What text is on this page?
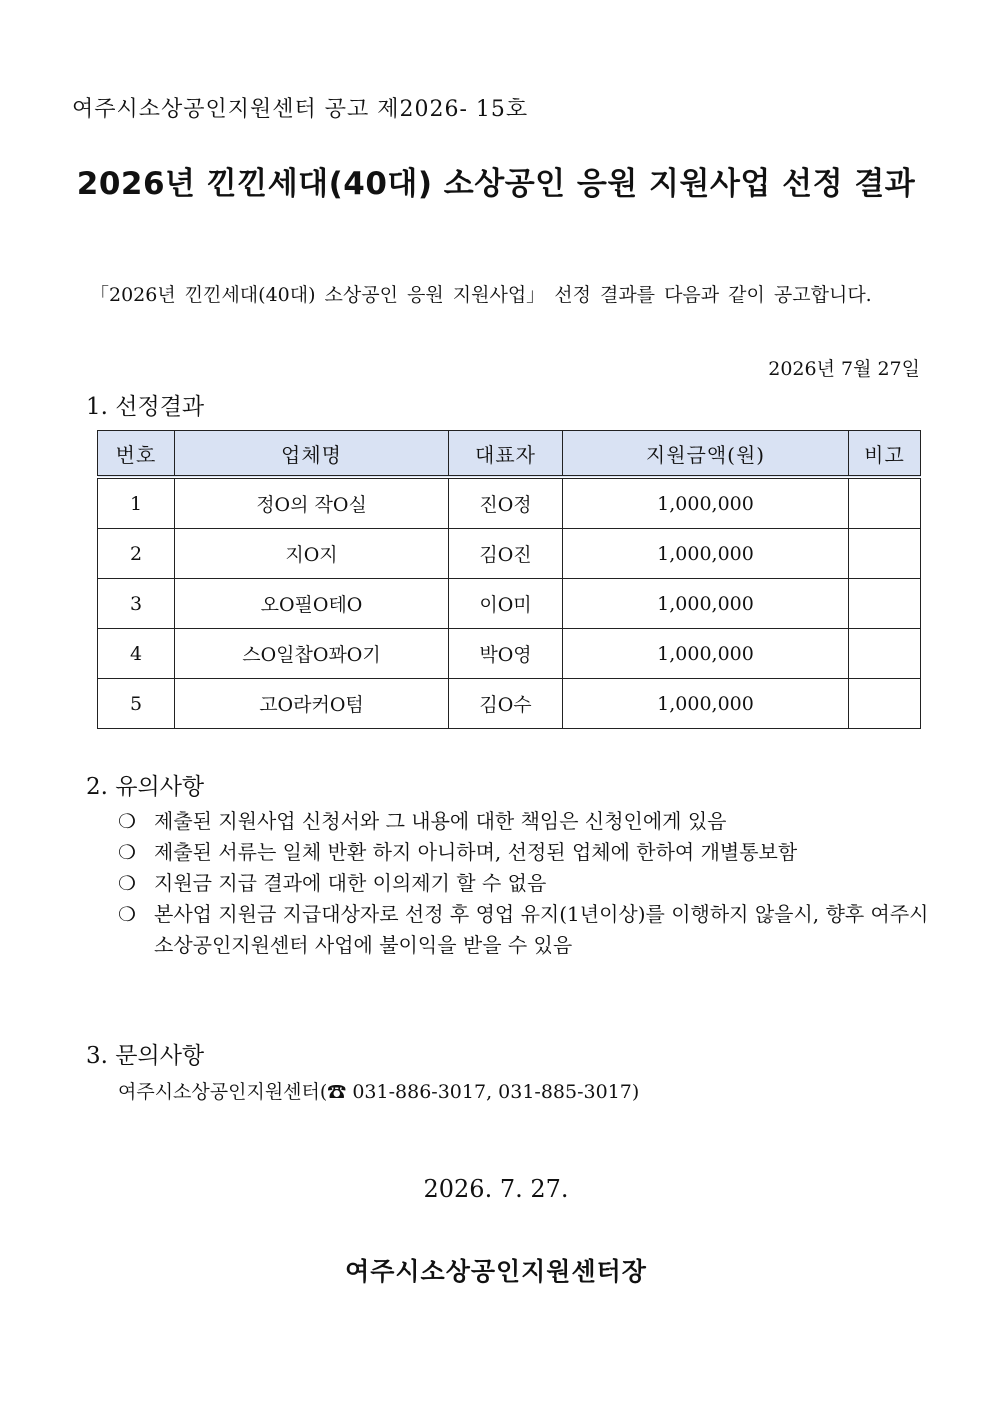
여주시소상공인지원센터 공고 제2026- 15호
2026년 낀낀세대(40대) 소상공인 응원 지원사업 선정 결과
「2026년 낀낀세대(40대) 소상공인 응원 지원사업」 선정 결과를 다음과 같이 공고합니다.
2026년 7월 27일
1. 선정결과
번호	업체명	대표자	지원금액(원)	비고
1	정O의 작O실	진O정	1,000,000	
2	지O지	김O진	1,000,000	
3	오O필O테O	이O미	1,000,000	
4	스O일찹O꽈O기	박O영	1,000,000	
5	고O라커O텀	김O수	1,000,000	
2. 유의사항
❍ 제출된 지원사업 신청서와 그 내용에 대한 책임은 신청인에게 있음
❍ 제출된 서류는 일체 반환 하지 아니하며, 선정된 업체에 한하여 개별통보함
❍ 지원금 지급 결과에 대한 이의제기 할 수 없음
❍ 본사업 지원금 지급대상자로 선정 후 영업 유지(1년이상)를 이행하지 않을시, 향후 여주시 소상공인지원센터 사업에 불이익을 받을 수 있음
3. 문의사항
여주시소상공인지원센터(☎ 031-886-3017, 031-885-3017)
2026. 7. 27.
여주시소상공인지원센터장
